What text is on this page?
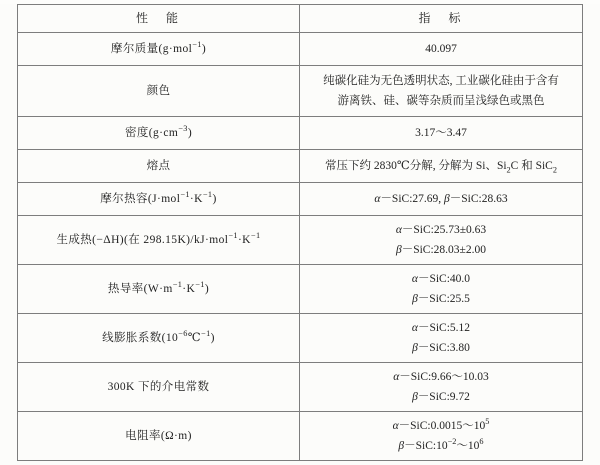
性　能	指　标
摩尔质量(g·mol$^{-1}$)	40.097

颜色	纯碳化硅为无色透明状态, 工业碳化硅由于含有
游离铁、硅、碳等杂质而呈浅绿色或黑色

密度$(g\cdot cm^{-3})$	3.17～3.47

熔点	常压下约 2830℃分解, 分解为 Si、$Si_2C$ 和 SiC$_2$

摩尔热容$(J\cdot mol^{-1}\cdot K^{-1})$	α－SiC:27.69, β－SiC:28.63

生成热(−ΔH)(在 $298.15K)/kJ\cdot mol^{-1}\cdot K^{-1}$	α－SiC:25.73±0.63
β－SiC:28.03±2.00

热导率$(W\cdot m^{-1}\cdot K^{-1})$	α－SiC:40.0
β－SiC:25.5

线膨胀系数$(10^{-6}℃^{-1})$	α－SiC:5.12
β－SiC:3.80

300K 下的介电常数	α－SiC:9.66～10.03
β－SiC:9.72

电阻率(Ω·m)	$\alpha-SiC:0.0015\sim 10^5$
$\beta-SiC:10^{-2}\sim 10^6$
